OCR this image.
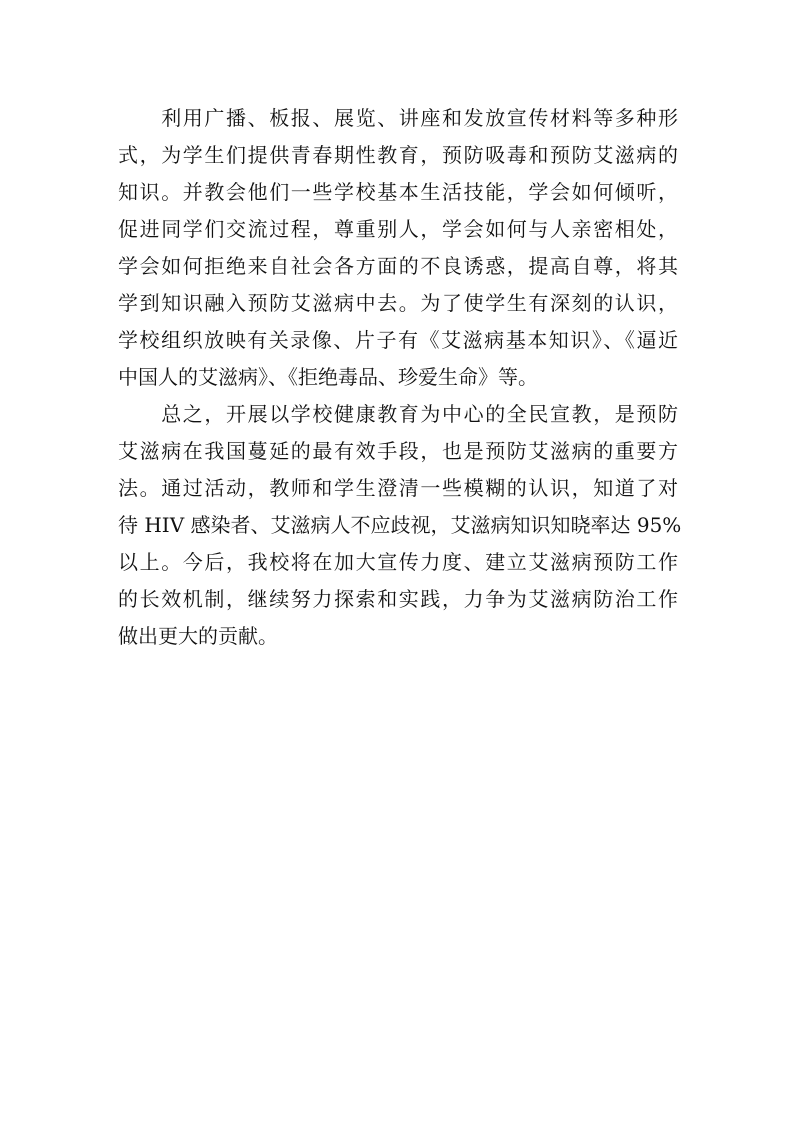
　　利用广播、板报、展览、讲座和发放宣传材料等多种形
式，为学生们提供青春期性教育，预防吸毒和预防艾滋病的
知识。并教会他们一些学校基本生活技能，学会如何倾听，
促进同学们交流过程，尊重别人，学会如何与人亲密相处，
学会如何拒绝来自社会各方面的不良诱惑，提高自尊，将其
学到知识融入预防艾滋病中去。为了使学生有深刻的认识，
学校组织放映有关录像、片子有《艾滋病基本知识》、《逼近
中国人的艾滋病》、《拒绝毒品、珍爱生命》等。
　　总之，开展以学校健康教育为中心的全民宣教，是预防
艾滋病在我国蔓延的最有效手段，也是预防艾滋病的重要方
法。通过活动，教师和学生澄清一些模糊的认识，知道了对
待 HIV 感染者、艾滋病人不应歧视，艾滋病知识知晓率达 95%
以上。今后，我校将在加大宣传力度、建立艾滋病预防工作
的长效机制，继续努力探索和实践，力争为艾滋病防治工作
做出更大的贡献。
